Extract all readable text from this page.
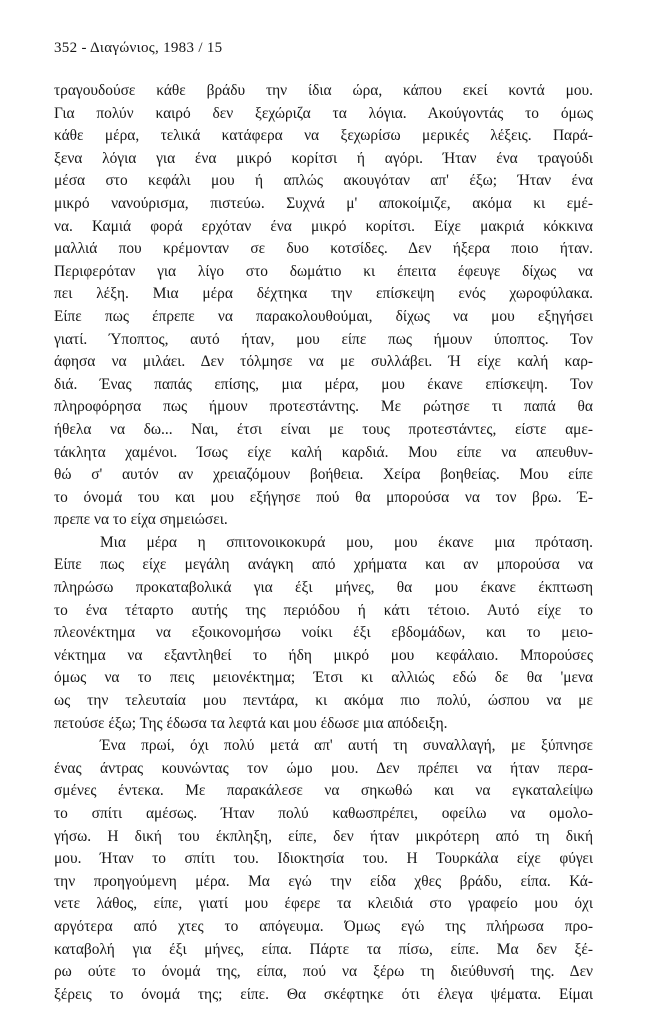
352 - Διαγώνιος, 1983 / 15
τραγουδούσε κάθε βράδυ την ίδια ώρα, κάπου εκεί κοντά μου.
Για πολύν καιρό δεν ξεχώριζα τα λόγια. Ακούγοντάς το όμως
κάθε μέρα, τελικά κατάφερα να ξεχωρίσω μερικές λέξεις. Παρά-
ξενα λόγια για ένα μικρό κορίτσι ή αγόρι. Ήταν ένα τραγούδι
μέσα στο κεφάλι μου ή απλώς ακουγόταν απ' έξω; Ήταν ένα
μικρό νανούρισμα, πιστεύω. Συχνά μ' αποκοίμιζε, ακόμα κι εμέ-
να. Καμιά φορά ερχόταν ένα μικρό κορίτσι. Είχε μακριά κόκκινα
μαλλιά που κρέμονταν σε δυο κοτσίδες. Δεν ήξερα ποιο ήταν.
Περιφερόταν για λίγο στο δωμάτιο κι έπειτα έφευγε δίχως να
πει λέξη. Μια μέρα δέχτηκα την επίσκεψη ενός χωροφύλακα.
Είπε πως έπρεπε να παρακολουθούμαι, δίχως να μου εξηγήσει
γιατί. Ύποπτος, αυτό ήταν, μου είπε πως ήμουν ύποπτος. Τον
άφησα να μιλάει. Δεν τόλμησε να με συλλάβει. Ή είχε καλή καρ-
διά. Ένας παπάς επίσης, μια μέρα, μου έκανε επίσκεψη. Τον
πληροφόρησα πως ήμουν προτεστάντης. Με ρώτησε τι παπά θα
ήθελα να δω... Ναι, έτσι είναι με τους προτεστάντες, είστε αμε-
τάκλητα χαμένοι. Ίσως είχε καλή καρδιά. Μου είπε να απευθυν-
θώ σ' αυτόν αν χρειαζόμουν βοήθεια. Χείρα βοηθείας. Μου είπε
το όνομά του και μου εξήγησε πού θα μπορούσα να τον βρω. Έ-
πρεπε να το είχα σημειώσει.
Μια μέρα η σπιτονοικοκυρά μου, μου έκανε μια πρόταση.
Είπε πως είχε μεγάλη ανάγκη από χρήματα και αν μπορούσα να
πληρώσω προκαταβολικά για έξι μήνες, θα μου έκανε έκπτωση
το ένα τέταρτο αυτής της περιόδου ή κάτι τέτοιο. Αυτό είχε το
πλεονέκτημα να εξοικονομήσω νοίκι έξι εβδομάδων, και το μειο-
νέκτημα να εξαντληθεί το ήδη μικρό μου κεφάλαιο. Μπορούσες
όμως να το πεις μειονέκτημα; Έτσι κι αλλιώς εδώ δε θα 'μενα
ως την τελευταία μου πεντάρα, κι ακόμα πιο πολύ, ώσπου να με
πετούσε έξω; Της έδωσα τα λεφτά και μου έδωσε μια απόδειξη.
Ένα πρωί, όχι πολύ μετά απ' αυτή τη συναλλαγή, με ξύπνησε
ένας άντρας κουνώντας τον ώμο μου. Δεν πρέπει να ήταν περα-
σμένες έντεκα. Με παρακάλεσε να σηκωθώ και να εγκαταλείψω
το σπίτι αμέσως. Ήταν πολύ καθωσπρέπει, οφείλω να ομολο-
γήσω. Η δική του έκπληξη, είπε, δεν ήταν μικρότερη από τη δική
μου. Ήταν το σπίτι του. Ιδιοκτησία του. Η Τουρκάλα είχε φύγει
την προηγούμενη μέρα. Μα εγώ την είδα χθες βράδυ, είπα. Κά-
νετε λάθος, είπε, γιατί μου έφερε τα κλειδιά στο γραφείο μου όχι
αργότερα από χτες το απόγευμα. Όμως εγώ της πλήρωσα προ-
καταβολή για έξι μήνες, είπα. Πάρτε τα πίσω, είπε. Μα δεν ξέ-
ρω ούτε το όνομά της, είπα, πού να ξέρω τη διεύθυνσή της. Δεν
ξέρεις το όνομά της; είπε. Θα σκέφτηκε ότι έλεγα ψέματα. Είμαι
